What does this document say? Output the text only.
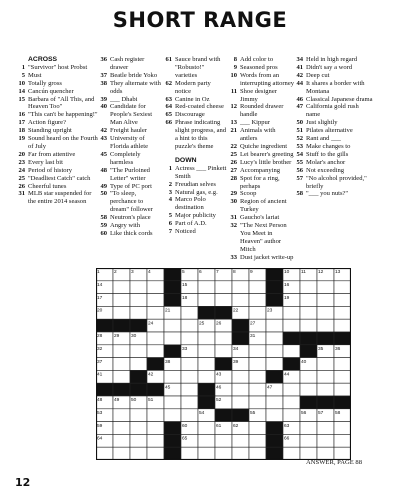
SHORT RANGE
ACROSS
1 "Survivor" host Probst
5 Must
10 Totally gross
14 Cancún quencher
15 Barbara of "All This, and Heaven Too"
16 "This can't be happening!"
17 Action figure?
18 Standing upright
19 Sound heard on the Fourth of July
20 Far from attentive
23 Every last bit
24 Period of history
25 "Deadliest Catch" catch
26 Cheerful tunes
31 MLB star suspended for the entire 2014 season
36 Cash register drawer
37 Beatle bride Yoko
38 They alternate with odds
39 ___ Dhabi
40 Candidate for People's Sexiest Man Alive
42 Freight hauler
43 University of Florida athlete
45 Completely harmless
48 "The Purloined Letter" writer
49 Type of PC port
50 "To sleep, perchance to dream" follower
58 Neutron's place
59 Angry with
60 Like thick cords
61 Sauce brand with "Robusto!" varieties
62 Modern party notice
63 Canine in Oz
64 Red-coated cheese
65 Discourage
66 Phrase indicating slight progress, and a hint to this puzzle's theme
DOWN
1 Actress ___ Pinkett Smith
2 Freudian selves
3 Natural gas, e.g.
4 Marco Polo destination
5 Major publicity
6 Part of A.D.
7 Noticed
8 Add color to
9 Seasoned pros
10 Words from an interrupting attorney
11 Shoe designer Jimmy
12 Rounded drawer handle
13 ___ Kippur
21 Animals with antlers
22 Quiche ingredient
25 Lei bearer's greeting
26 Lucy's little brother
27 Accompanying
28 Spot for a ring, perhaps
29 Scoop
30 Region of ancient Turkey
31 Gaucho's lariat
32 "The Next Person You Meet in Heaven" author Mitch
33 Dust jacket write-up
34 Held in high regard
41 Didn't say a word
42 Deep cut
44 It shares a border with Montana
46 Classical Japanese drama
47 California gold rush name
50 Just slightly
51 Pilates alternative
52 Rant and ___
53 Make changes to
54 Stuff to the gills
55 Molar's anchor
56 Not exceeding
57 "No alcohol provided," briefly
58 "___ you nuts?"
1	2	3	4	5	6	7	8	9	10 11	12 13
14	15	16
17	18	19
20	21	22	23
24	25 26	27
28 29 30	31
32	33	34	35 36
37	38	39	40
41	42	43	44
45	46	47
48 49 50 51	52
53	54	55	56 57 58
59	60	61 62	63
64	65	66
ANSWER, PAGE 88
12
